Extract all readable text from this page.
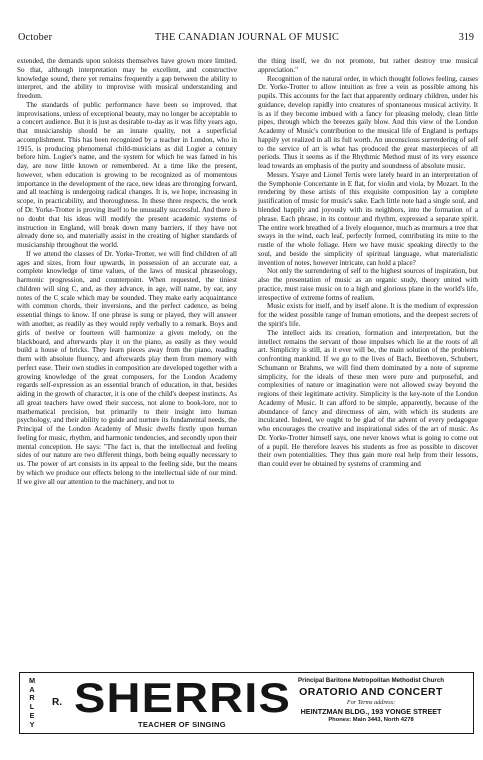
October	THE CANADIAN JOURNAL OF MUSIC	319

extended, the demands upon soloists themselves have grown more limited. So that, although interpretation may be excellent, and constructive knowledge sound, there yet remains frequently a gap between the ability to interpret, and the ability to improvise with musical understanding and freedom.

The standards of public performance have been so improved, that improvisations, unless of exceptional beauty, may no longer be acceptable to a concert audience. But it is just as desirable to-day as it was fifty years ago, that musicianship should be an innate quality, not a superficial accomplishment. This has been recognized by a teacher in London, who in 1915, is producing phenomenal child-musicians as did Logier a century before him. Logier's name, and the system for which he was famed in his day, are now little known or remembered. At a time like the present, however, when education is growing to be recognized as of momentous importance in the development of the race, new ideas are thronging forward, and all teaching is undergoing radical changes. It is, we hope, increasing in scope, in practicability, and thoroughness. In these three respects, the work of Dr. Yorke-Trotter is proving itself to be unusually successful. And there is no doubt that his ideas will modify the present academic systems of instruction in England, will break down many barriers, if they have not already done so, and materially assist in the creating of higher standards of musicianship throughout the world.

If we attend the classes of Dr. Yorke-Trotter, we will find children of all ages and sizes, from four upwards, in possession of an accurate ear, a complete knowledge of time values, of the laws of musical phraseology, harmonic progression, and counterpoint. When requested, the tiniest children will sing C, and, as they advance, in age, will name, by ear, any notes of the C scale which may be sounded. They make early acquaintance with common chords, their inversions, and the perfect cadence, as being essential things to know. If one phrase is sung or played, they will answer with another, as readily as they would reply verbally to a remark. Boys and girls of twelve or fourteen will harmonize a given melody, on the blackboard, and afterwards play it on the piano, as easily as they would build a house of bricks. They learn pieces away from the piano, reading them with absolute fluency, and afterwards play them from memory with perfect ease. Their own studies in composition are developed together with a growing knowledge of the great composers, for the London Academy regards self-expression as an essential branch of education, in that, besides aiding in the growth of character, it is one of the child's deepest instincts. As all great teachers have owed their success, not alone to book-lore, nor to mathematical precision, but primarily to their insight into human psychology, and their ability to guide and nurture its fundamental needs, the Principal of the London Academy of Music dwells firstly upon human feeling for music, rhythm, and harmonic tendencies, and secondly upon their mental conception. He says: "The fact is, that the intellectual and feeling sides of our nature are two different things, both being equally necessary to us. The power of art consists in its appeal to the feeling side, but the means by which we produce our effects belong to the intellectual side of our mind. If we give all our attention to the machinery, and not to

the thing itself, we do not promote, but rather destroy true musical appreciation."

Recognition of the natural order, in which thought follows feeling, causes Dr. Yorke-Trotter to allow intuition as free a vein as possible among his pupils. This accounts for the fact that apparently ordinary children, under his guidance, develop rapidly into creatures of spontaneous musical activity. It is as if they become imbued with a fancy for pleasing melody, clean little pipes, through which the breezes gaily blow. And this view of the London Academy of Music's contribution to the musical life of England is perhaps happily yet realized in all its full worth. An unconscious surrendering of self to the service of art is what has produced the great masterpieces of all periods. Thus it seems as if the Rhythmic Method must of its very essence lead towards an emphasis of the purity and soundness of absolute music.

Messrs. Ysaye and Lionel Tertis were lately heard in an interpretation of the Symphonie Concertante in E flat, for violin and viola, by Mozart. In the rendering by these artists of this exquisite composition lay a complete justification of music for music's sake. Each little note had a single soul, and blended happily and joyously with its neighbors, into the formation of a phrase. Each phrase, in its contour and rhythm, expressed a separate spirit. The entire work breathed of a lively eloquence, much as murmurs a tree that sways in the wind, each leaf, perfectly formed, contributing its mite to the rustle of the whole foliage. Here we have music speaking directly to the soul, and beside the simplicity of spiritual language, what materialistic invention of notes, however intricate, can hold a place?

Not only the surrendering of self to the highest sources of inspiration, but also the presentation of music as an organic study, theory united with practice, must raise music on to a high and glorious plane in the world's life, irrespective of extreme forms of realism.

Music exists for itself, and by itself alone. It is the medium of expression for the widest possible range of human emotions, and the deepest secrets of the spirit's life.

The intellect aids its creation, formation and interpretation, but the intellect remains the servant of those impulses which lie at the roots of all art. Simplicity is still, as it ever will be, the main solution of the problems confronting mankind. If we go to the lives of Bach, Beethoven, Schubert, Schumann or Brahms, we will find them dominated by a note of supreme simplicity, for the ideals of these men were pure and purposeful, and complexities of nature or imagination were not allowed sway beyond the regions of their legitimate activity. Simplicity is the key-note of the London Academy of Music. It can afford to be simple, apparently, because of the abundance of fancy and directness of aim, with which its students are inculcated. Indeed, we ought to be glad of the advent of every pedagogue who encourages the creative and inspirational sides of the art of music. As Dr. Yorke-Trotter himself says, one never knows what is going to come out of a pupil. He therefore leaves his students as free as possible to discover their own potentialities. They thus gain more real help from their lessons, than could ever be obtained by systems of cramming and

M
A
R
L
E
Y
R. SHERRIS
TEACHER OF SINGING
Principal Baritone Metropolitan Methodist Church
ORATORIO AND CONCERT
For Terms address:
HEINTZMAN BLDG., 193 YONGE STREET
Phones: Main 3443, North 4278
